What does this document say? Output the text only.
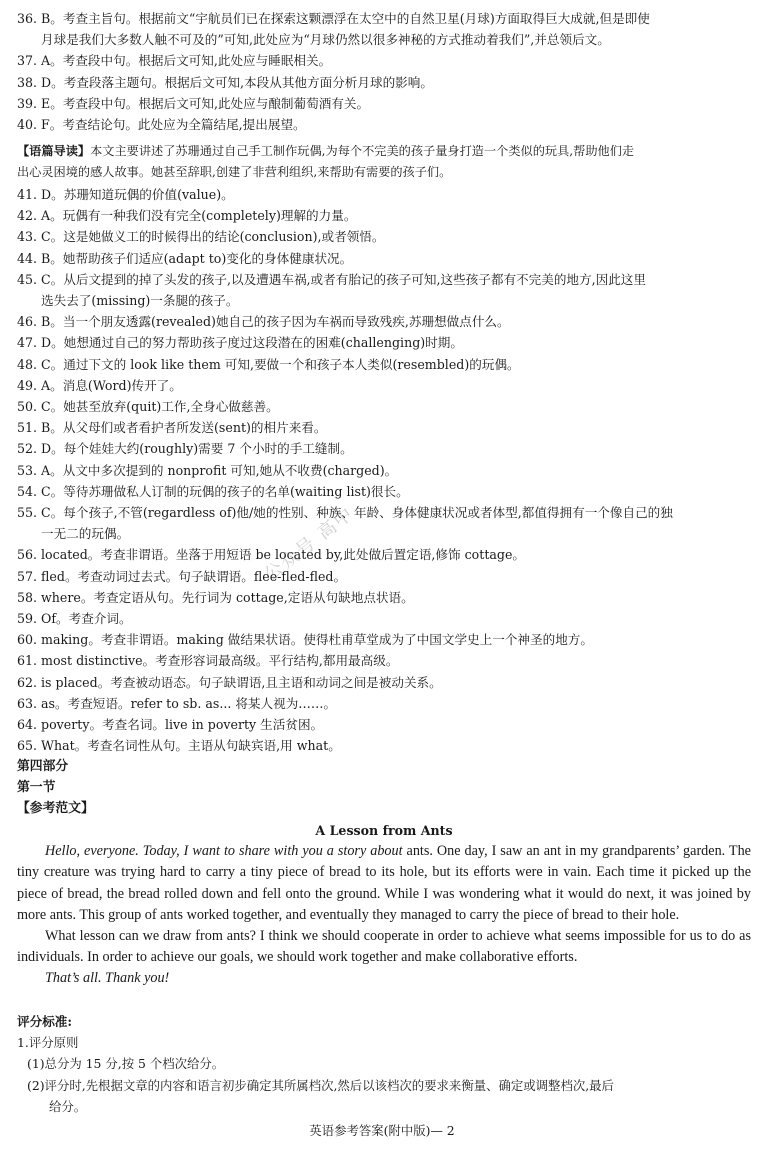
36. B。考查主旨句。根据前文“宇航员们已在探索这颗漂浮在太空中的自然卫星(月球)方面取得巨大成就,但是即使
月球是我们大多数人触不可及的”可知,此处应为“月球仍然以很多神秘的方式推动着我们”,并总领后文。
37. A。考查段中句。根据后文可知,此处应与睡眠相关。
38. D。考查段落主题句。根据后文可知,本段从其他方面分析月球的影响。
39. E。考查段中句。根据后文可知,此处应与酿制葡萄酒有关。
40. F。考查结论句。此处应为全篇结尾,提出展望。
【语篇导读】本文主要讲述了苏珊通过自己手工制作玩偶,为每个不完美的孩子量身打造一个类似的玩具,帮助他们走
出心灵困境的感人故事。她甚至辞职,创建了非营利组织,来帮助有需要的孩子们。
41. D。苏珊知道玩偶的价值(value)。
42. A。玩偶有一种我们没有完全(completely)理解的力量。
43. C。这是她做义工的时候得出的结论(conclusion),或者领悟。
44. B。她帮助孩子们适应(adapt to)变化的身体健康状况。
45. C。从后文提到的掉了头发的孩子,以及遭遇车祸,或者有胎记的孩子可知,这些孩子都有不完美的地方,因此这里
选失去了(missing)一条腿的孩子。
46. B。当一个朋友透露(revealed)她自己的孩子因为车祸而导致残疾,苏珊想做点什么。
47. D。她想通过自己的努力帮助孩子度过这段潜在的困难(challenging)时期。
48. C。通过下文的 look like them 可知,要做一个和孩子本人类似(resembled)的玩偶。
49. A。消息(Word)传开了。
50. C。她甚至放弃(quit)工作,全身心做慈善。
51. B。从父母们或者看护者所发送(sent)的相片来看。
52. D。每个娃娃大约(roughly)需要 7 个小时的手工缝制。
53. A。从文中多次提到的 nonprofit 可知,她从不收费(charged)。
54. C。等待苏珊做私人订制的玩偶的孩子的名单(waiting list)很长。
55. C。每个孩子,不管(regardless of)他/她的性别、种族、年龄、身体健康状况或者体型,都值得拥有一个像自己的独
一无二的玩偶。
56. located。考查非谓语。坐落于用短语 be located by,此处做后置定语,修饰 cottage。
57. fled。考查动词过去式。句子缺谓语。flee-fled-fled。
58. where。考查定语从句。先行词为 cottage,定语从句缺地点状语。
59. Of。考查介词。
60. making。考查非谓语。making 做结果状语。使得杜甫草堂成为了中国文学史上一个神圣的地方。
61. most distinctive。考查形容词最高级。平行结构,都用最高级。
62. is placed。考查被动语态。句子缺谓语,且主语和动词之间是被动关系。
63. as。考查短语。refer to sb. as... 将某人视为……。
64. poverty。考查名词。live in poverty 生活贫困。
65. What。考查名词性从句。主语从句缺宾语,用 what。
第四部分
第一节
【参考范文】
A Lesson from Ants

Hello, everyone. Today, I want to share with you a story about ants. One day, I saw an ant in my grandparents’ garden. The tiny creature was trying hard to carry a tiny piece of bread to its hole, but its efforts were in vain. Each time it picked up the piece of bread, the bread rolled down and fell onto the ground. While I was wondering what it would do next, it was joined by more ants. This group of ants worked together, and eventually they managed to carry the piece of bread to their hole.

What lesson can we draw from ants? I think we should cooperate in order to achieve what seems impossible for us to do as individuals. In order to achieve our goals, we should work together and make collaborative efforts.

That’s all. Thank you!

评分标准:
1.评分原则
(1)总分为 15 分,按 5 个档次给分。
(2)评分时,先根据文章的内容和语言初步确定其所属档次,然后以该档次的要求来衡量、确定或调整档次,最后
给分。
公众号 高中
英语参考答案(附中版)— 2
